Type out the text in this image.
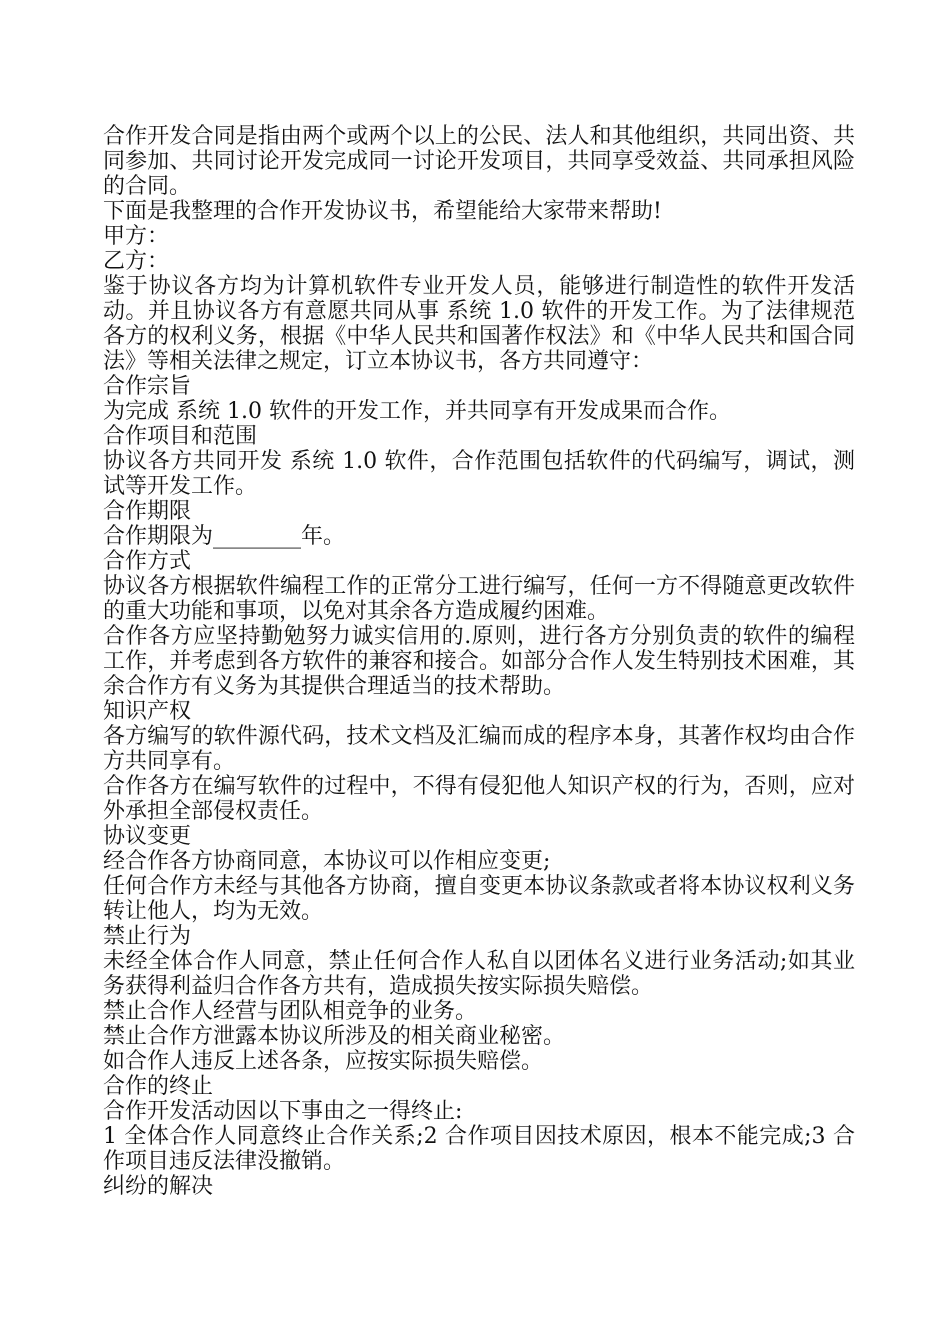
合作开发合同是指由两个或两个以上的公民、法人和其他组织，共同出资、共同参加、共同讨论开发完成同一讨论开发项目，共同享受效益、共同承担风险的合同。

下面是我整理的合作开发协议书，希望能给大家带来帮助!

甲方：

乙方：

鉴于协议各方均为计算机软件专业开发人员，能够进行制造性的软件开发活动。并且协议各方有意愿共同从事 系统 1.0 软件的开发工作。为了法律规范各方的权利义务，根据《中华人民共和国著作权法》和《中华人民共和国合同法》等相关法律之规定，订立本协议书，各方共同遵守：

合作宗旨

为完成 系统 1.0 软件的开发工作，并共同享有开发成果而合作。

合作项目和范围

协议各方共同开发 系统 1.0 软件，合作范围包括软件的代码编写，调试，测试等开发工作。

合作期限

合作期限为________年。

合作方式

协议各方根据软件编程工作的正常分工进行编写，任何一方不得随意更改软件的重大功能和事项，以免对其余各方造成履约困难。

合作各方应坚持勤勉努力诚实信用的.原则，进行各方分别负责的软件的编程工作，并考虑到各方软件的兼容和接合。如部分合作人发生特别技术困难，其余合作方有义务为其提供合理适当的技术帮助。

知识产权

各方编写的软件源代码，技术文档及汇编而成的程序本身，其著作权均由合作方共同享有。

合作各方在编写软件的过程中，不得有侵犯他人知识产权的行为，否则，应对外承担全部侵权责任。

协议变更

经合作各方协商同意，本协议可以作相应变更;

任何合作方未经与其他各方协商，擅自变更本协议条款或者将本协议权利义务转让他人，均为无效。

禁止行为

未经全体合作人同意，禁止任何合作人私自以团体名义进行业务活动;如其业务获得利益归合作各方共有，造成损失按实际损失赔偿。

禁止合作人经营与团队相竞争的业务。

禁止合作方泄露本协议所涉及的相关商业秘密。

如合作人违反上述各条，应按实际损失赔偿。

合作的终止

合作开发活动因以下事由之一得终止:

1 全体合作人同意终止合作关系;2 合作项目因技术原因，根本不能完成;3 合作项目违反法律没撤销。

纠纷的解决
